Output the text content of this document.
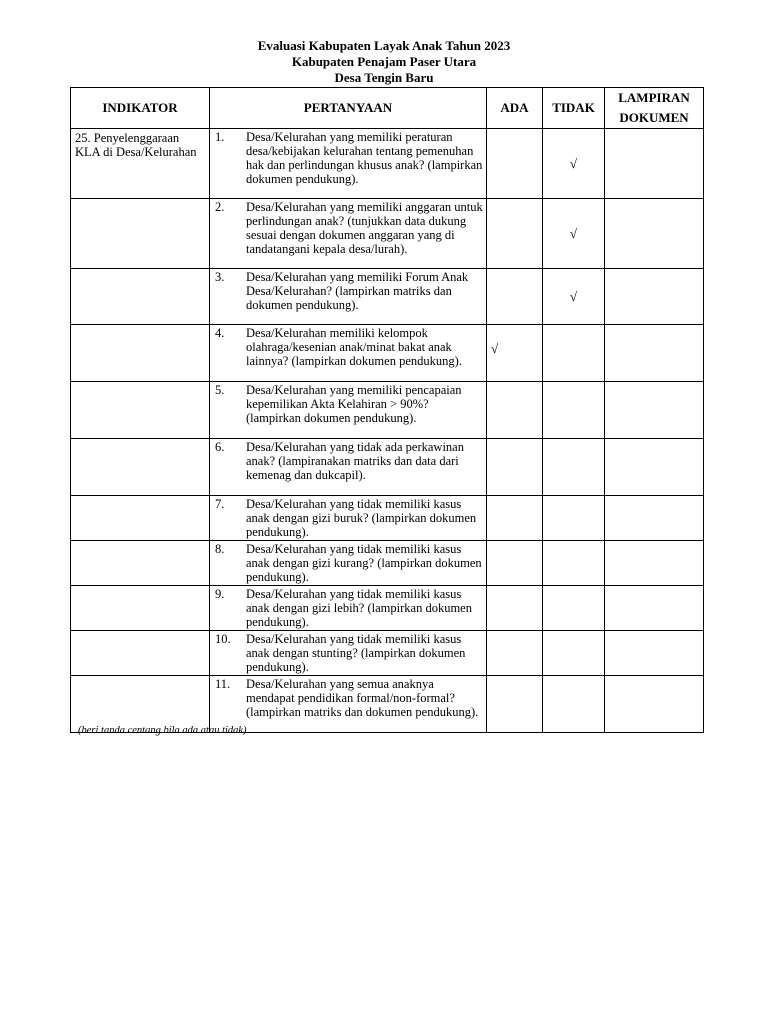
Evaluasi Kabupaten Layak Anak Tahun 2023
Kabupaten Penajam Paser Utara
Desa Tengin Baru
INDIKATOR	PERTANYAAN	ADA	TIDAK	LAMPIRAN
DOKUMEN

25. Penyelenggaraan KLA di Desa/Kelurahan	1. Desa/Kelurahan yang memiliki peraturan desa/kebijakan kelurahan tentang pemenuhan hak dan perlindungan khusus anak? (lampirkan dokumen pendukung).		√	

	2. Desa/Kelurahan yang memiliki anggaran untuk perlindungan anak? (tunjukkan data dukung sesuai dengan dokumen anggaran yang di tandatangani kepala desa/lurah).		√	

	3. Desa/Kelurahan yang memiliki Forum Anak Desa/Kelurahan? (lampirkan matriks dan dokumen pendukung).		√	

	4. Desa/Kelurahan memiliki kelompok olahraga/kesenian anak/minat bakat anak lainnya? (lampirkan dokumen pendukung).	√		

	5. Desa/Kelurahan yang memiliki pencapaian kepemilikan Akta Kelahiran > 90%? (lampirkan dokumen pendukung).			

	6. Desa/Kelurahan yang tidak ada perkawinan anak? (lampiranakan matriks dan data dari kemenag dan dukcapil).			

	7. Desa/Kelurahan yang tidak memiliki kasus anak dengan gizi buruk? (lampirkan dokumen pendukung).			

	8. Desa/Kelurahan yang tidak memiliki kasus anak dengan gizi kurang? (lampirkan dokumen pendukung).			

	9. Desa/Kelurahan yang tidak memiliki kasus anak dengan gizi lebih? (lampirkan dokumen pendukung).			

	10. Desa/Kelurahan yang tidak memiliki kasus anak dengan stunting? (lampirkan dokumen pendukung).			

	11. Desa/Kelurahan yang semua anaknya mendapat pendidikan formal/non-formal? (lampirkan matriks dan dokumen pendukung).			

(beri tanda centang bila ada atau tidak)
